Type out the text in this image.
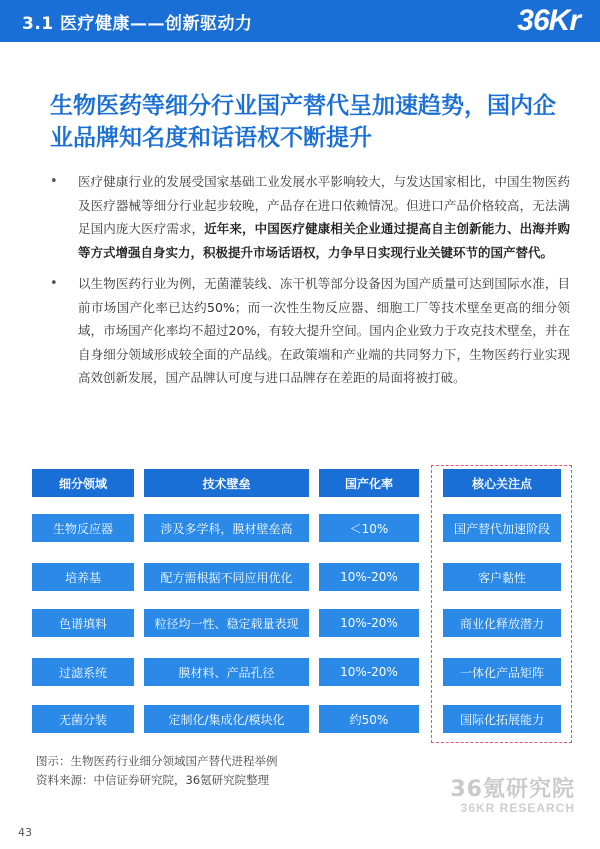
3.1 医疗健康——创新驱动力	36Kr
生物医药等细分行业国产替代呈加速趋势，国内企业品牌知名度和话语权不断提升
• 医疗健康行业的发展受国家基础工业发展水平影响较大，与发达国家相比，中国生物医药及医疗器械等细分行业起步较晚，产品存在进口依赖情况。但进口产品价格较高，无法满足国内庞大医疗需求，近年来，中国医疗健康相关企业通过提高自主创新能力、出海并购等方式增强自身实力，积极提升市场话语权，力争早日实现行业关键环节的国产替代。
• 以生物医药行业为例，无菌灌装线、冻干机等部分设备因为国产质量可达到国际水准，目前市场国产化率已达约50%；而一次性生物反应器、细胞工厂等技术壁垒更高的细分领域，市场国产化率均不超过20%，有较大提升空间。国内企业致力于攻克技术壁垒，并在自身细分领域形成较全面的产品线。在政策端和产业端的共同努力下，生物医药行业实现高效创新发展，国产品牌认可度与进口品牌存在差距的局面将被打破。
细分领域	技术壁垒	国产化率	核心关注点
生物反应器	涉及多学科，膜材壁垒高	＜10%	国产替代加速阶段
培养基	配方需根据不同应用优化	10%-20%	客户黏性
色谱填料	粒径均一性、稳定载量表现	10%-20%	商业化释放潜力
过滤系统	膜材料、产品孔径	10%-20%	一体化产品矩阵
无菌分装	定制化/集成化/模块化	约50%	国际化拓展能力
图示：生物医药行业细分领域国产替代进程举例
资料来源：中信证券研究院，36氪研究院整理	36氪研究院
36KR RESEARCH
43
